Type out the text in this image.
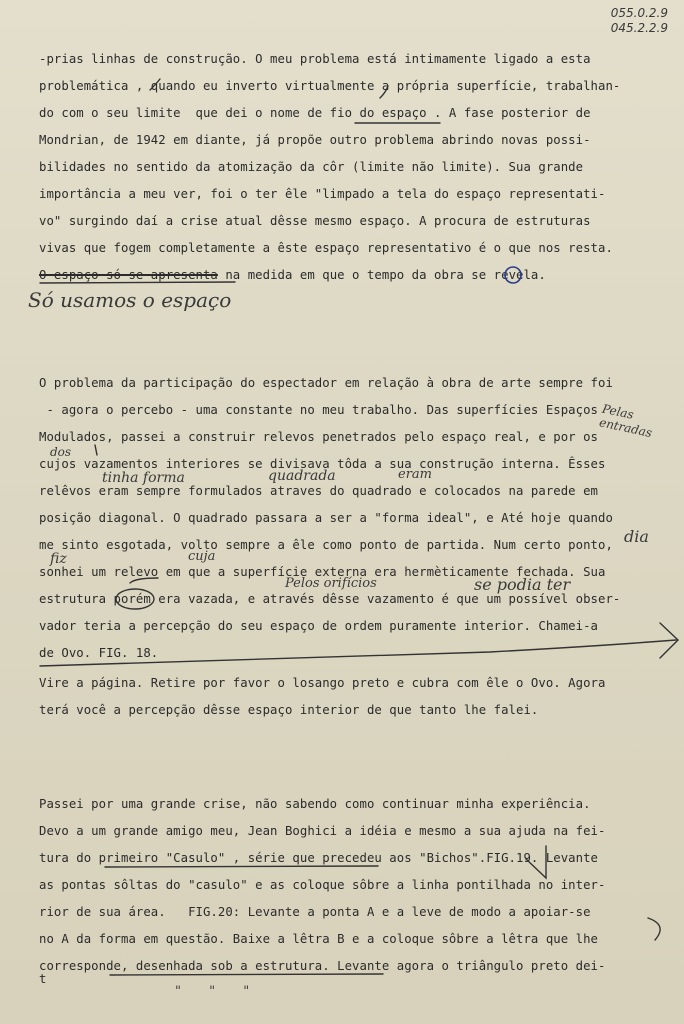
055.0.2.9
045.2.2.9
-prias linhas de construção. O meu problema está intimamente ligado a esta
problemática , quando eu inverto virtualmente a própria superfície, trabalhan-
do com o seu limite  que dei o nome de fio do espaço . A fase posterior de
Mondrian, de 1942 em diante, já propõe outro problema abrindo novas possi-
bilidades no sentido da atomização da côr (limite não limite). Sua grande
importância a meu ver, foi o ter êle "limpado a tela do espaço representati-
vo" surgindo daí a crise atual dêsse mesmo espaço. A procura de estruturas
vivas que fogem completamente a êste espaço representativo é o que nos resta.
O espaço só se apresenta na medida em que o tempo da obra se revela.
Só usamos o espaço
O problema da participação do espectador em relação à obra de arte sempre foi
- agora o percebo - uma constante no meu trabalho. Das superfícies Espaços
Modulados, passei a construir relevos penetrados pelo espaço real, e por os
cujos vazamentos interiores se divisava tôda a sua construção interna. Êsses
relêvos eram sempre formulados atraves do quadrado e colocados na parede em
posição diagonal. O quadrado passara a ser a "forma ideal", e Até hoje quando
me sinto esgotada, volto sempre a êle como ponto de partida. Num certo ponto,
sonhei um relevo em que a superfície externa era hermèticamente fechada. Sua
estrutura porém era vazada, e através dêsse vazamento é que um possível obser-
vador teria a percepção do seu espaço de ordem puramente interior. Chamei-a
de Ovo. FIG. 18.
Pelas entradas
dos
tinha forma	quadrada	eram
dia
fiz	cuja
Pelos orifícios	se podia ter
Vire a página. Retire por favor o losango preto e cubra com êle o Ovo. Agora
terá você a percepção dêsse espaço interior de que tanto lhe falei.
Passei por uma grande crise, não sabendo como continuar minha experiência.
Devo a um grande amigo meu, Jean Boghici a idéia e mesmo a sua ajuda na fei-
tura do primeiro "Casulo" , série que precedeu aos "Bichos".FIG.19. Levante
as pontas sôltas do "casulo" e as coloque sôbre a linha pontilhada no inter-
rior de sua área.   FIG.20: Levante a ponta A e a leve de modo a apoiar-se
no A da forma em questão. Baixe a lêtra B e a coloque sôbre a lêtra que lhe
corresponde, desenhada sob a estrutura. Levante agora o triângulo preto dei-
t
" " "
